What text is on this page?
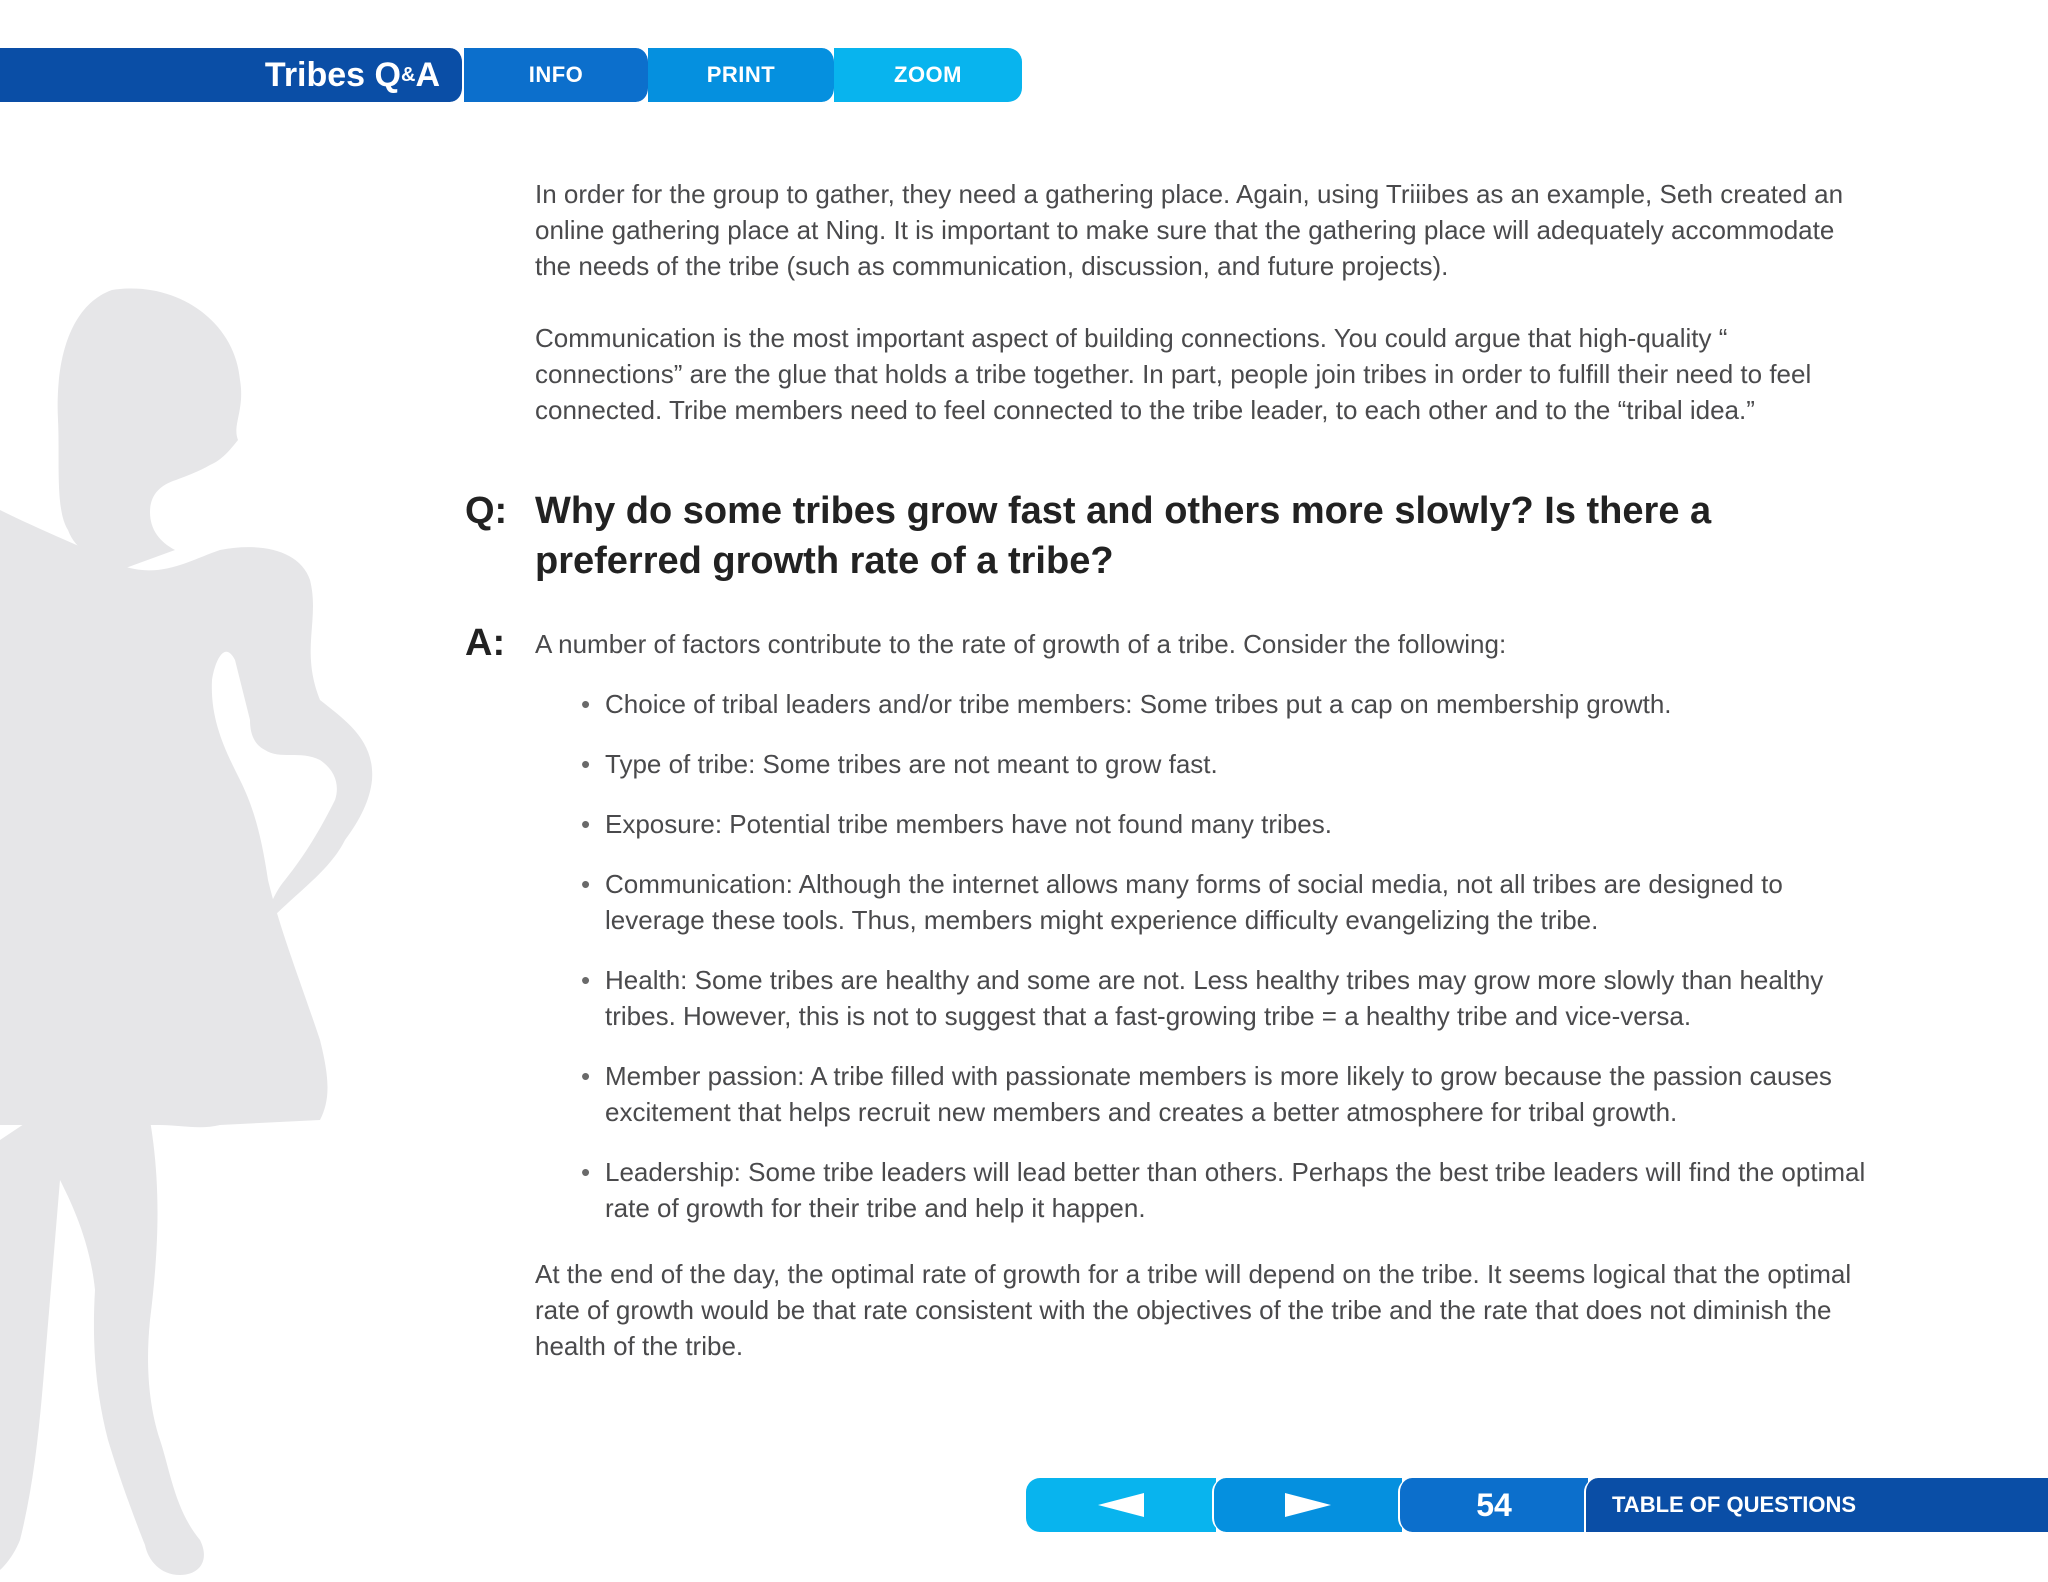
Tribes Q & A	INFO	PRINT	ZOOM

In order for the group to gather, they need a gathering place. Again, using Triiibes as an example, Seth created an online gathering place at Ning. It is important to make sure that the gathering place will adequately accommodate the needs of the tribe (such as communication, discussion, and future projects).

Communication is the most important aspect of building connections. You could argue that high-quality “ connections” are the glue that holds a tribe together. In part, people join tribes in order to fulfill their need to feel connected. Tribe members need to feel connected to the tribe leader, to each other and to the “tribal idea.”

Q: Why do some tribes grow fast and others more slowly? Is there a preferred growth rate of a tribe?

A: A number of factors contribute to the rate of growth of a tribe. Consider the following:

• Choice of tribal leaders and/or tribe members: Some tribes put a cap on membership growth.
• Type of tribe: Some tribes are not meant to grow fast.
• Exposure: Potential tribe members have not found many tribes.
• Communication: Although the internet allows many forms of social media, not all tribes are designed to leverage these tools. Thus, members might experience difficulty evangelizing the tribe.
• Health: Some tribes are healthy and some are not. Less healthy tribes may grow more slowly than healthy tribes. However, this is not to suggest that a fast-growing tribe = a healthy tribe and vice-versa.
• Member passion: A tribe filled with passionate members is more likely to grow because the passion causes excitement that helps recruit new members and creates a better atmosphere for tribal growth.
• Leadership: Some tribe leaders will lead better than others. Perhaps the best tribe leaders will find the optimal rate of growth for their tribe and help it happen.

At the end of the day, the optimal rate of growth for a tribe will depend on the tribe. It seems logical that the optimal rate of growth would be that rate consistent with the objectives of the tribe and the rate that does not diminish the health of the tribe.

54	TABLE OF QUESTIONS
